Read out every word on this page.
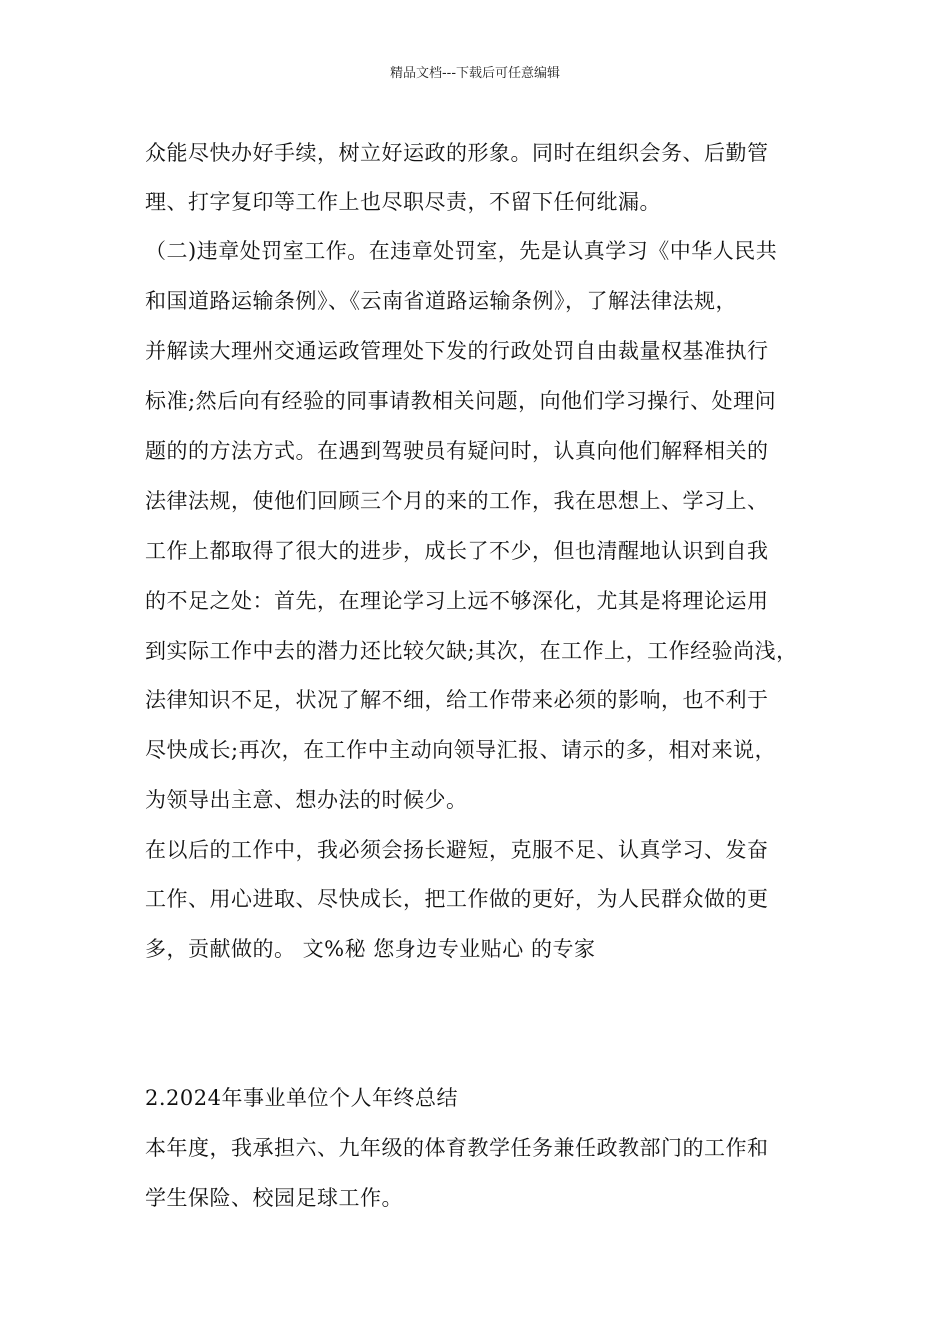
精品文档---下载后可任意编辑
众能尽快办好手续，树立好运政的形象。同时在组织会务、后勤管
理、打字复印等工作上也尽职尽责，不留下任何纰漏。
（二)违章处罚室工作。在违章处罚室，先是认真学习《中华人民共
和国道路运输条例》、《云南省道路运输条例》，了解法律法规，
并解读大理州交通运政管理处下发的行政处罚自由裁量权基准执行
标准;然后向有经验的同事请教相关问题，向他们学习操行、处理问
题的的方法方式。在遇到驾驶员有疑问时，认真向他们解释相关的
法律法规，使他们回顾三个月的来的工作，我在思想上、学习上、
工作上都取得了很大的进步，成长了不少，但也清醒地认识到自我
的不足之处：首先，在理论学习上远不够深化，尤其是将理论运用
到实际工作中去的潜力还比较欠缺;其次，在工作上，工作经验尚浅，
法律知识不足，状况了解不细，给工作带来必须的影响，也不利于
尽快成长;再次，在工作中主动向领导汇报、请示的多，相对来说，
为领导出主意、想办法的时候少。
在以后的工作中，我必须会扬长避短，克服不足、认真学习、发奋
工作、用心进取、尽快成长，把工作做的更好，为人民群众做的更
多，贡献做的。 文%秘 您身边专业贴心 的专家
2.2024年事业单位个人年终总结
本年度，我承担六、九年级的体育教学任务兼任政教部门的工作和
学生保险、校园足球工作。
